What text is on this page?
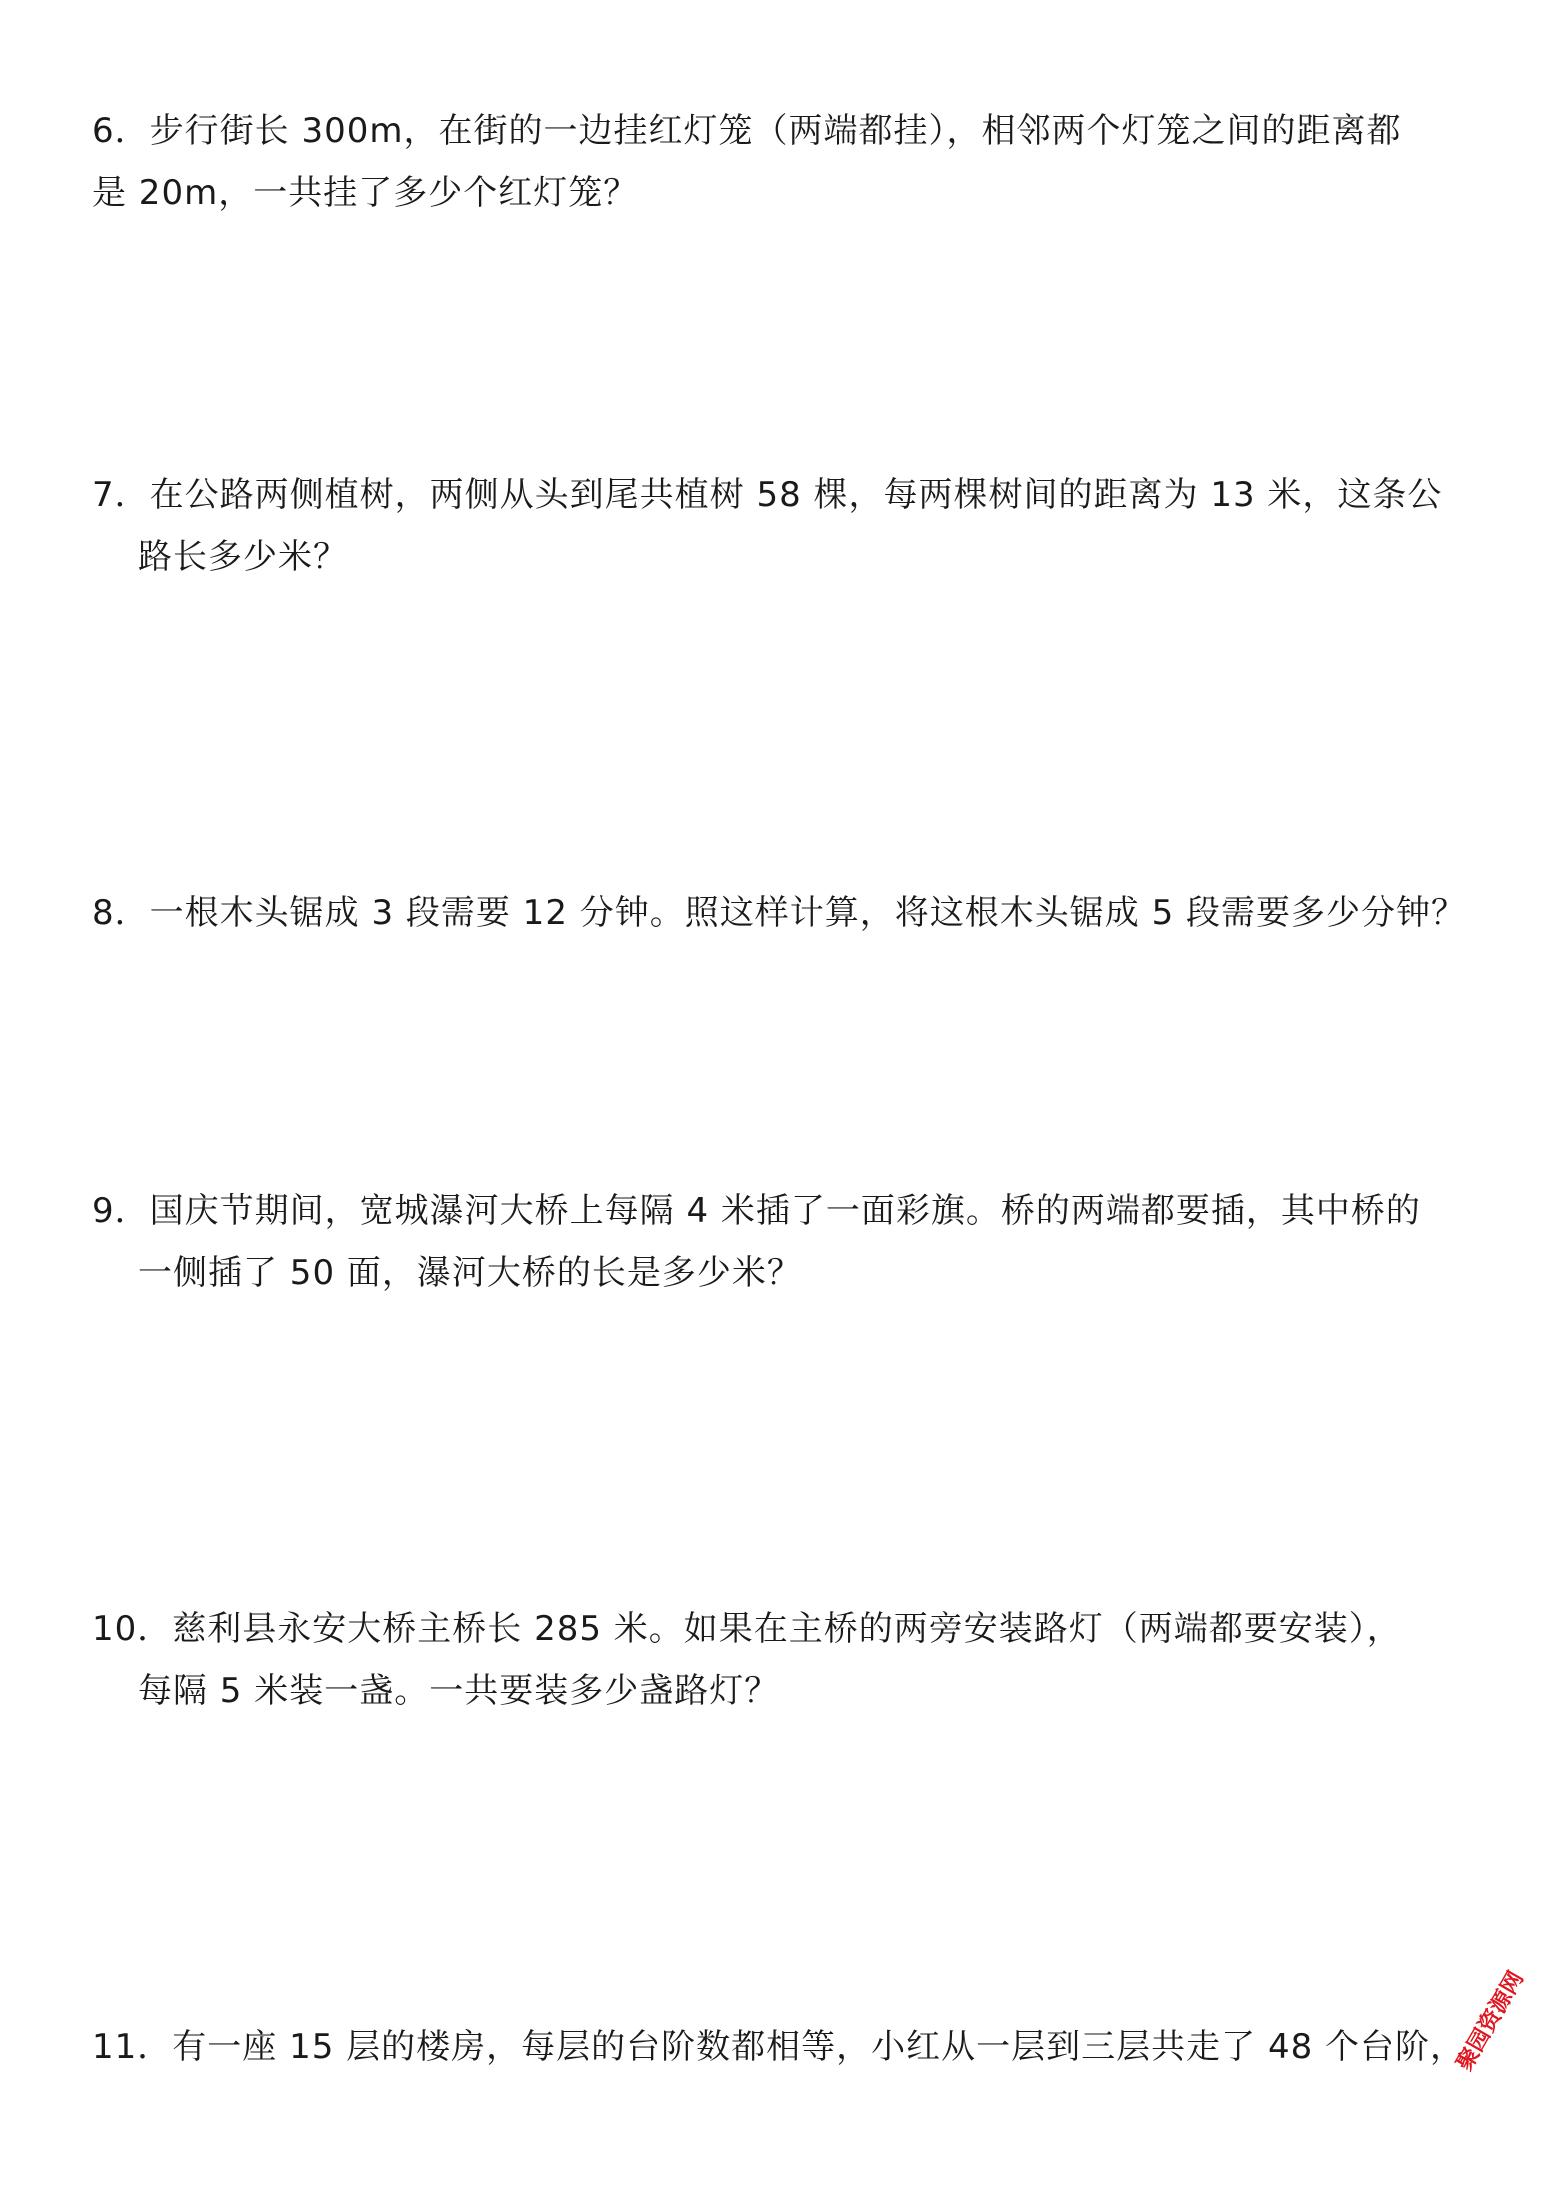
6．步行街长 300m，在街的一边挂红灯笼（两端都挂），相邻两个灯笼之间的距离都
是 20m，一共挂了多少个红灯笼？
7．在公路两侧植树，两侧从头到尾共植树 58 棵，每两棵树间的距离为 13 米，这条公
路长多少米？
8．一根木头锯成 3 段需要 12 分钟。照这样计算，将这根木头锯成 5 段需要多少分钟？
9．国庆节期间，宽城瀑河大桥上每隔 4 米插了一面彩旗。桥的两端都要插，其中桥的
一侧插了 50 面，瀑河大桥的长是多少米？
10．慈利县永安大桥主桥长 285 米。如果在主桥的两旁安装路灯（两端都要安装），
每隔 5 米装一盏。一共要装多少盏路灯？
11．有一座 15 层的楼房，每层的台阶数都相等，小红从一层到三层共走了 48 个台阶，
聚园资源网
